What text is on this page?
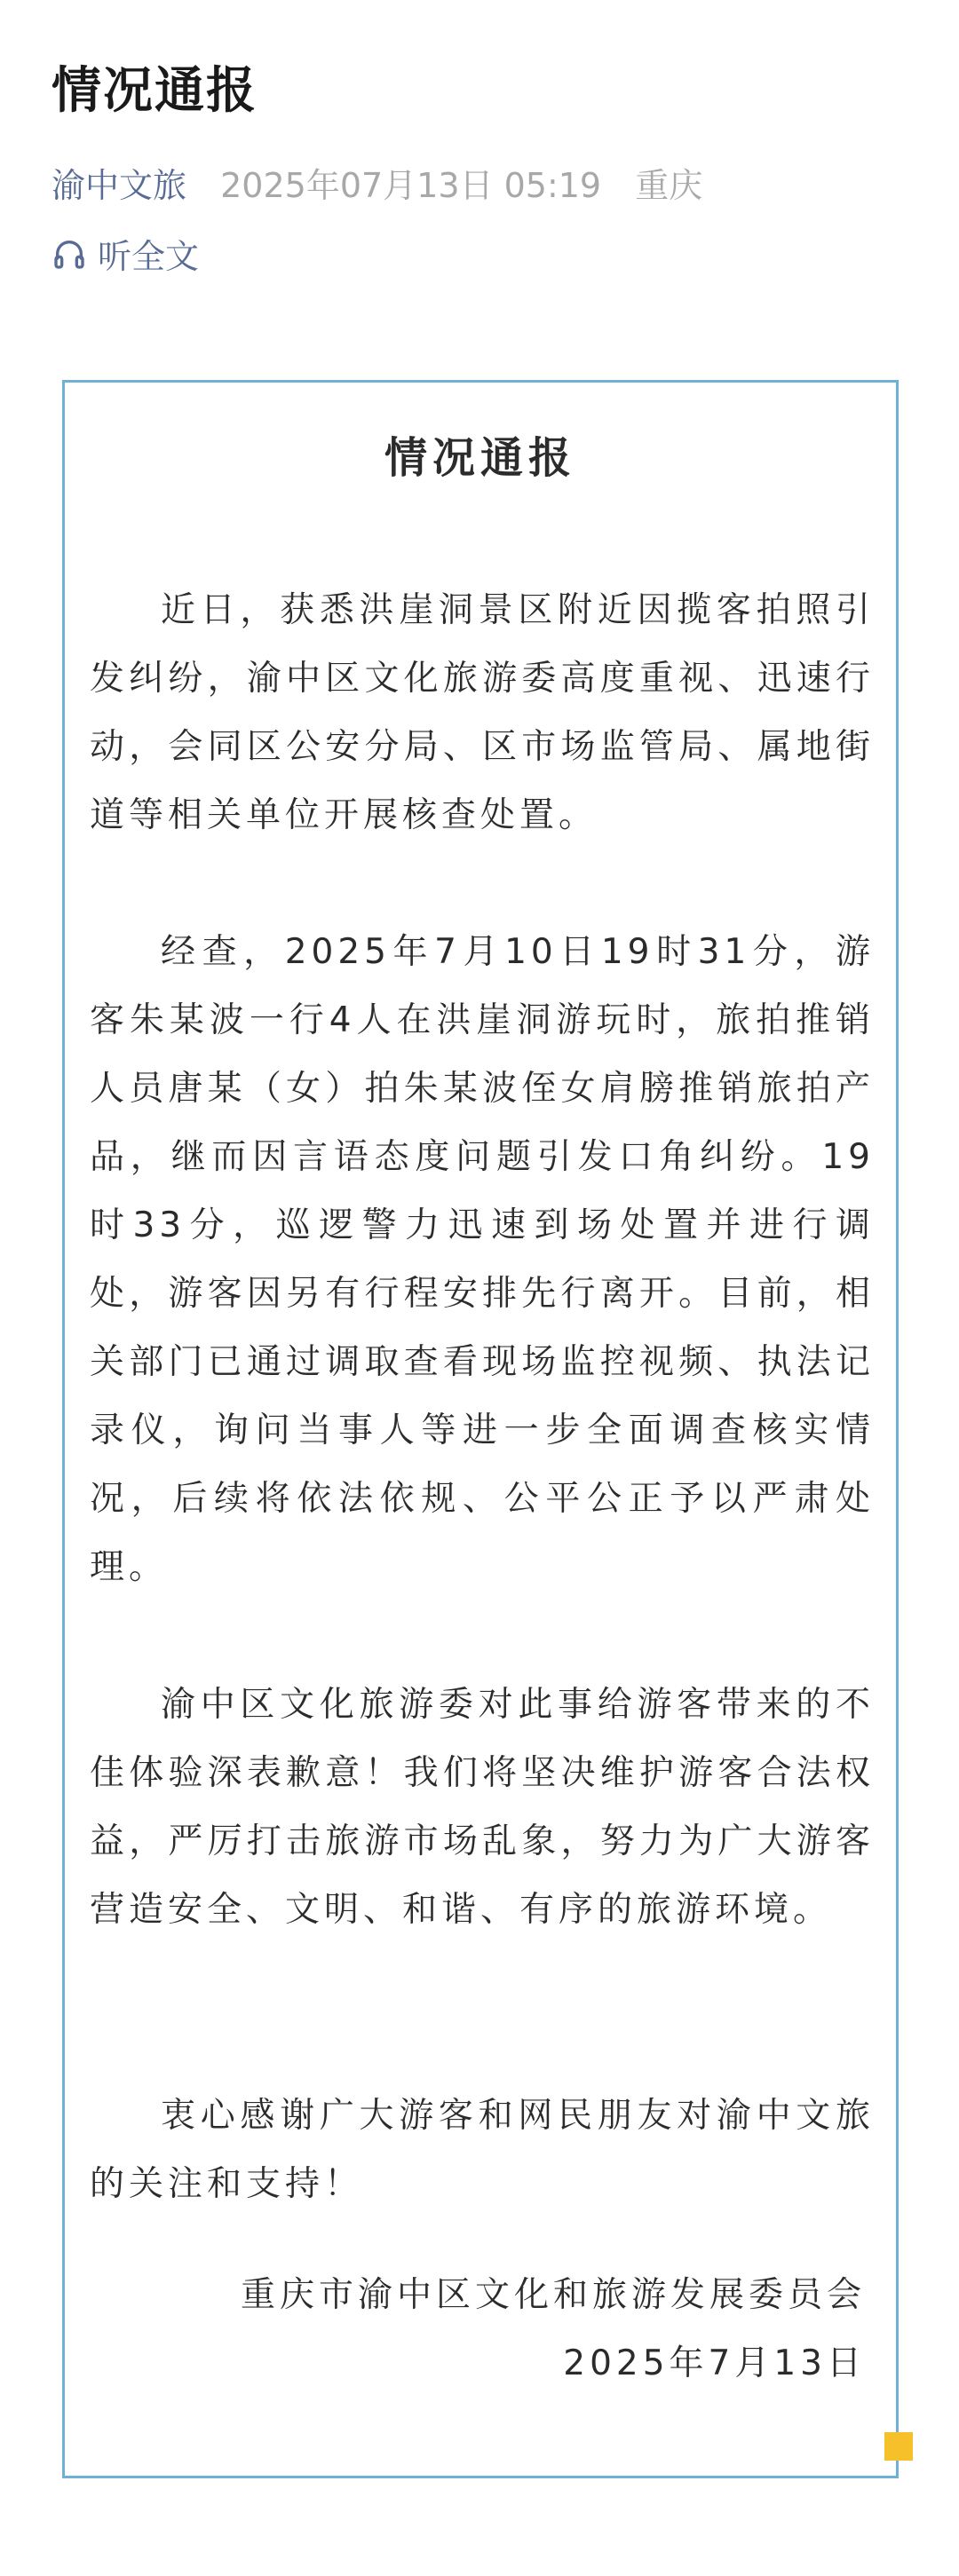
情况通报
渝中文旅 2025年07月13日 05:19 重庆
听全文
情况通报
近日，获悉洪崖洞景区附近因揽客拍照引发纠纷，渝中区文化旅游委高度重视、迅速行动，会同区公安分局、区市场监管局、属地街道等相关单位开展核查处置。
经查，2025年7月10日19时31分，游客朱某波一行4人在洪崖洞游玩时，旅拍推销人员唐某（女）拍朱某波侄女肩膀推销旅拍产品，继而因言语态度问题引发口角纠纷。19时33分，巡逻警力迅速到场处置并进行调处，游客因另有行程安排先行离开。目前，相关部门已通过调取查看现场监控视频、执法记录仪，询问当事人等进一步全面调查核实情况，后续将依法依规、公平公正予以严肃处理。
渝中区文化旅游委对此事给游客带来的不佳体验深表歉意！我们将坚决维护游客合法权益，严厉打击旅游市场乱象，努力为广大游客营造安全、文明、和谐、有序的旅游环境。
衷心感谢广大游客和网民朋友对渝中文旅的关注和支持！
重庆市渝中区文化和旅游发展委员会
2025年7月13日
